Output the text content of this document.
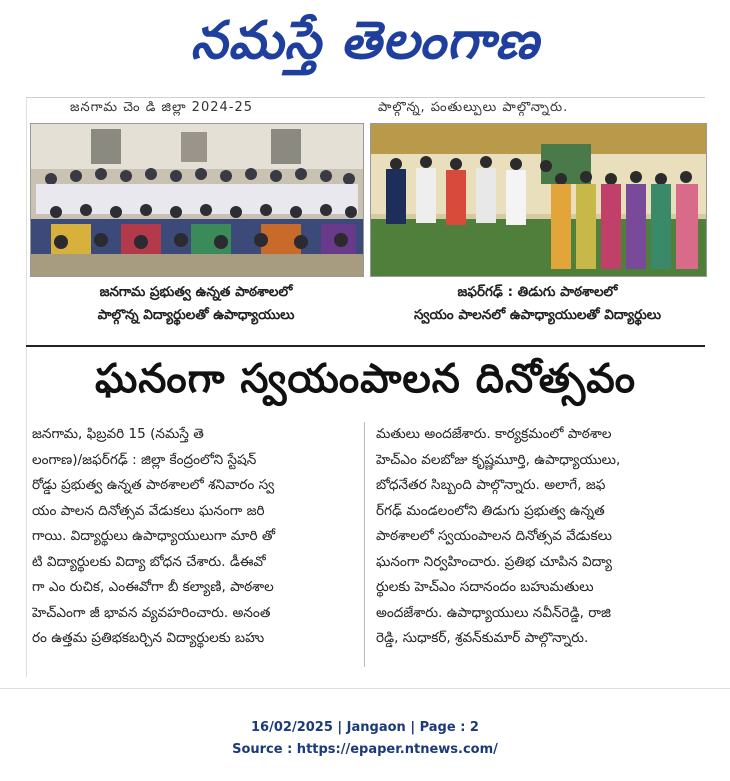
నమస్తే తెలంగాణ
జనగామ చెం డి జిల్లా 2024-25	పాల్గొన్న, పంతుల్పులు పాల్గొన్నారు.
జనగామ ప్రభుత్వ ఉన్నత పాఠశాలలో
పాల్గొన్న విద్యార్థులతో ఉపాధ్యాయులు
జఫర్‌గఢ్ : తిడుగు పాఠశాలలో
స్వయం పాలనలో ఉపాధ్యాయులతో విద్యార్థులు
ఘనంగా స్వయంపాలన దినోత్సవం
జనగామ, ఫిబ్రవరి 15 (నమస్తే తె
లంగాణ)/జఫర్‌గఢ్ : జిల్లా కేంద్రంలోని స్టేషన్
రోడ్డు ప్రభుత్వ ఉన్నత పాఠశాలలో శనివారం స్వ
యం పాలన దినోత్సవ వేడుకలు ఘనంగా జరి
గాయి. విద్యార్థులు ఉపాధ్యాయులుగా మారి తో
టి విద్యార్థులకు విద్యా బోధన చేశారు. డీఈవో
గా ఎం రుచిక, ఎంఈవోగా బీ కల్యాణి, పాఠశాల
హెచ్‌ఎంగా జీ భావన వ్యవహరించారు. అనంత
రం ఉత్తమ ప్రతిభకబర్చిన విద్యార్థులకు బహు
మతులు అందజేశారు. కార్యక్రమంలో పాఠశాల
హెచ్‌ఎం వలబోజు కృష్ణమూర్తి, ఉపాధ్యాయులు,
బోధనేతర సిబ్బంది పాల్గొన్నారు. అలాగే, జఫ
ర్‌గఢ్ మండలంలోని తిడుగు ప్రభుత్వ ఉన్నత
పాఠశాలలో స్వయంపాలన దినోత్సవ వేడుకలు
ఘనంగా నిర్వహించారు. ప్రతిభ చూపిన విద్యా
ర్థులకు హెచ్‌ఎం సదానందం బహుమతులు
అందజేశారు. ఉపాధ్యాయులు నవీన్‌రెడ్డి, రాజి
రెడ్డి, సుధాకర్, శ్రవన్‌కుమార్ పాల్గొన్నారు.
16/02/2025 | Jangaon | Page : 2
Source : https://epaper.ntnews.com/
